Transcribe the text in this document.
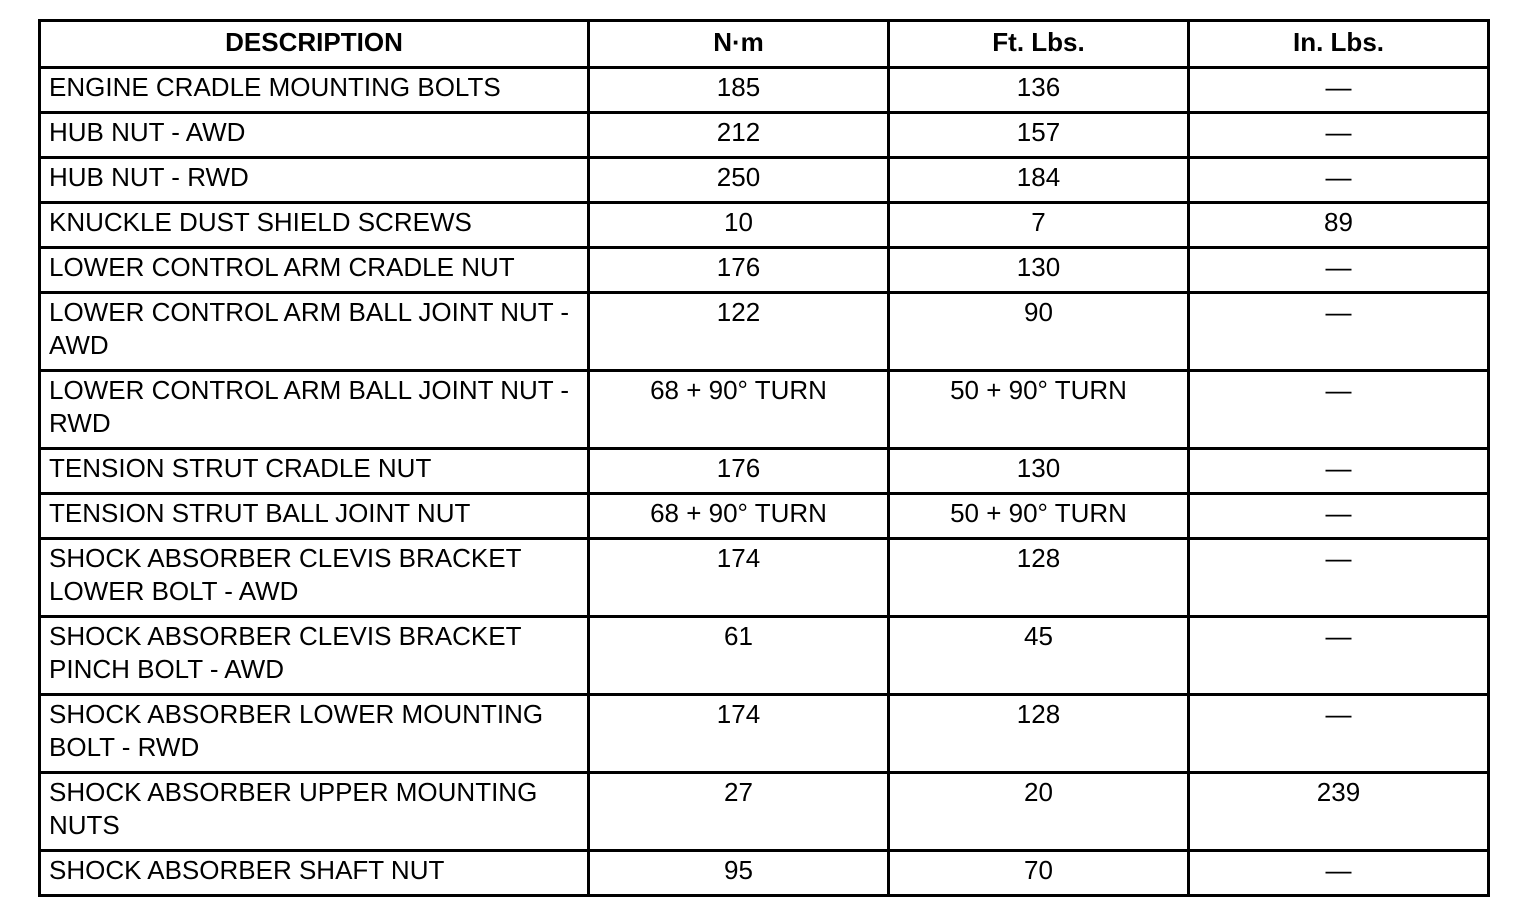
DESCRIPTION	N·m	Ft. Lbs.	In. Lbs.
ENGINE CRADLE MOUNTING BOLTS	185	136	—
HUB NUT - AWD	212	157	—
HUB NUT - RWD	250	184	—
KNUCKLE DUST SHIELD SCREWS	10	7	89
LOWER CONTROL ARM CRADLE NUT	176	130	—
LOWER CONTROL ARM BALL JOINT NUT - AWD	122	90	—
LOWER CONTROL ARM BALL JOINT NUT - RWD	68 + 90° TURN	50 + 90° TURN	—
TENSION STRUT CRADLE NUT	176	130	—
TENSION STRUT BALL JOINT NUT	68 + 90° TURN	50 + 90° TURN	—
SHOCK ABSORBER CLEVIS BRACKET LOWER BOLT - AWD	174	128	—
SHOCK ABSORBER CLEVIS BRACKET PINCH BOLT - AWD	61	45	—
SHOCK ABSORBER LOWER MOUNTING BOLT - RWD	174	128	—
SHOCK ABSORBER UPPER MOUNTING NUTS	27	20	239
SHOCK ABSORBER SHAFT NUT	95	70	—
